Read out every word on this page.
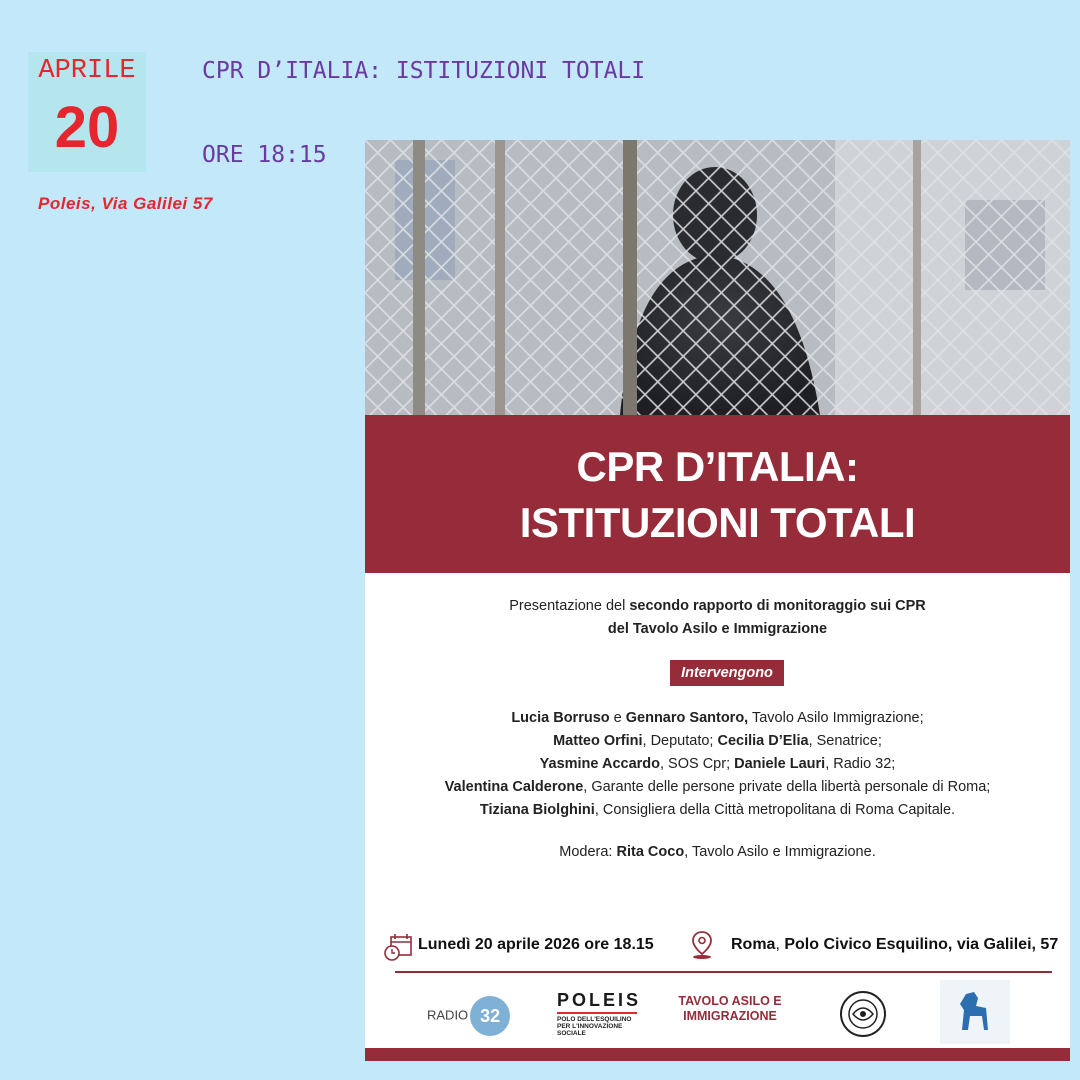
APRILE
20
CPR D’ITALIA: ISTITUZIONI TOTALI
ORE 18:15
Poleis, Via Galilei 57
CPR D’ITALIA:
ISTITUZIONI TOTALI
Presentazione del secondo rapporto di monitoraggio sui CPR
del Tavolo Asilo e Immigrazione
Intervengono
Lucia Borruso e Gennaro Santoro, Tavolo Asilo Immigrazione;
Matteo Orfini, Deputato; Cecilia D’Elia, Senatrice;
Yasmine Accardo, SOS Cpr; Daniele Lauri, Radio 32;
Valentina Calderone, Garante delle persone private della libertà personale di Roma;
Tiziana Biolghini, Consigliera della Città metropolitana di Roma Capitale.
Modera: Rita Coco, Tavolo Asilo e Immigrazione.
Lunedì 20 aprile 2026 ore 18.15	Roma, Polo Civico Esquilino, via Galilei, 57
RADIO 32
POLEIS
POLO DELL'ESQUILINO PER L'INNOVAZIONE SOCIALE
TAVOLO ASILO E IMMIGRAZIONE
